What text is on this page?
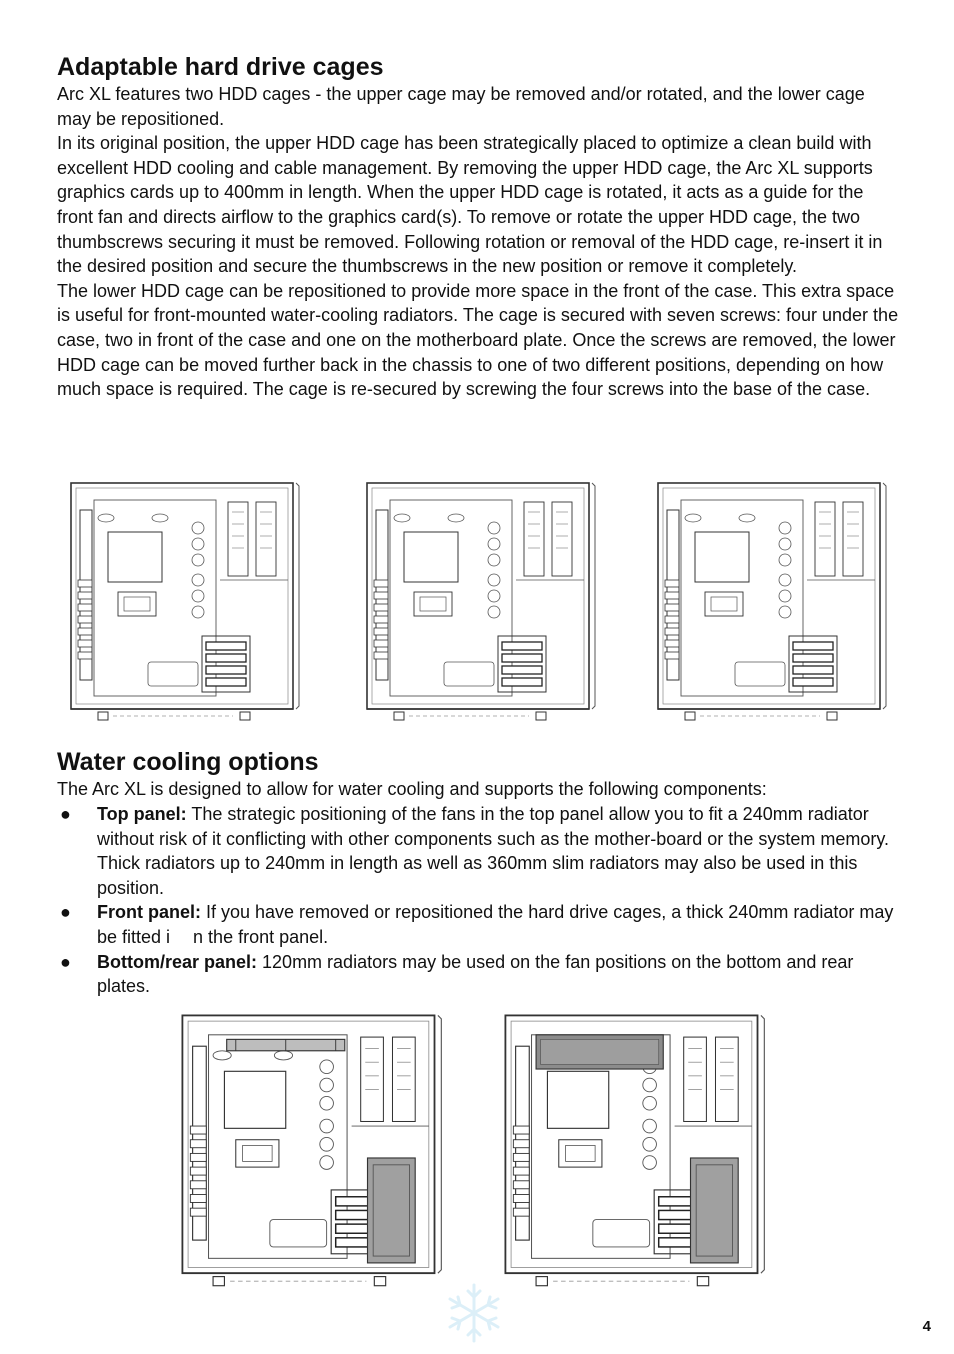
Adaptable hard drive cages

Arc XL features two HDD cages - the upper cage may be removed and/or rotated, and the lower cage may be repositioned.

In its original position, the upper HDD cage has been strategically placed to optimize a clean build with excellent HDD cooling and cable management. By removing the upper HDD cage, the Arc XL supports graphics cards up to 400mm in length. When the upper HDD cage is rotated, it acts as a guide for the front fan and directs airflow to the graphics card(s). To remove or rotate the upper HDD cage, the two thumbscrews securing it must be removed. Following rotation or removal of the HDD cage, re-insert it in the desired position and secure the thumbscrews in the new position or remove it completely.

The lower HDD cage can be repositioned to provide more space in the front of the case. This extra space is useful for front-mounted water-cooling radiators. The cage is secured with seven screws: four under the case, two in front of the case and one on the motherboard plate. Once the screws are removed, the lower HDD cage can be moved further back in the chassis to one of two different positions, depending on how much space is required. The cage is re-secured by screwing the four screws into the base of the case.

Water cooling options

The Arc XL is designed to allow for water cooling and supports the following components:

● Top panel: The strategic positioning of the fans in the top panel allow you to fit a 240mm radiator without risk of it conflicting with other components such as the mother-board or the system memory. Thick radiators up to 240mm in length as well as 360mm slim radiators may also be used in this position.
● Front panel: If you have removed or repositioned the hard drive cages, a thick 240mm radiator may be fitted i  n the front panel.
● Bottom/rear panel: 120mm radiators may be used on the fan positions on the bottom and rear plates.
4
